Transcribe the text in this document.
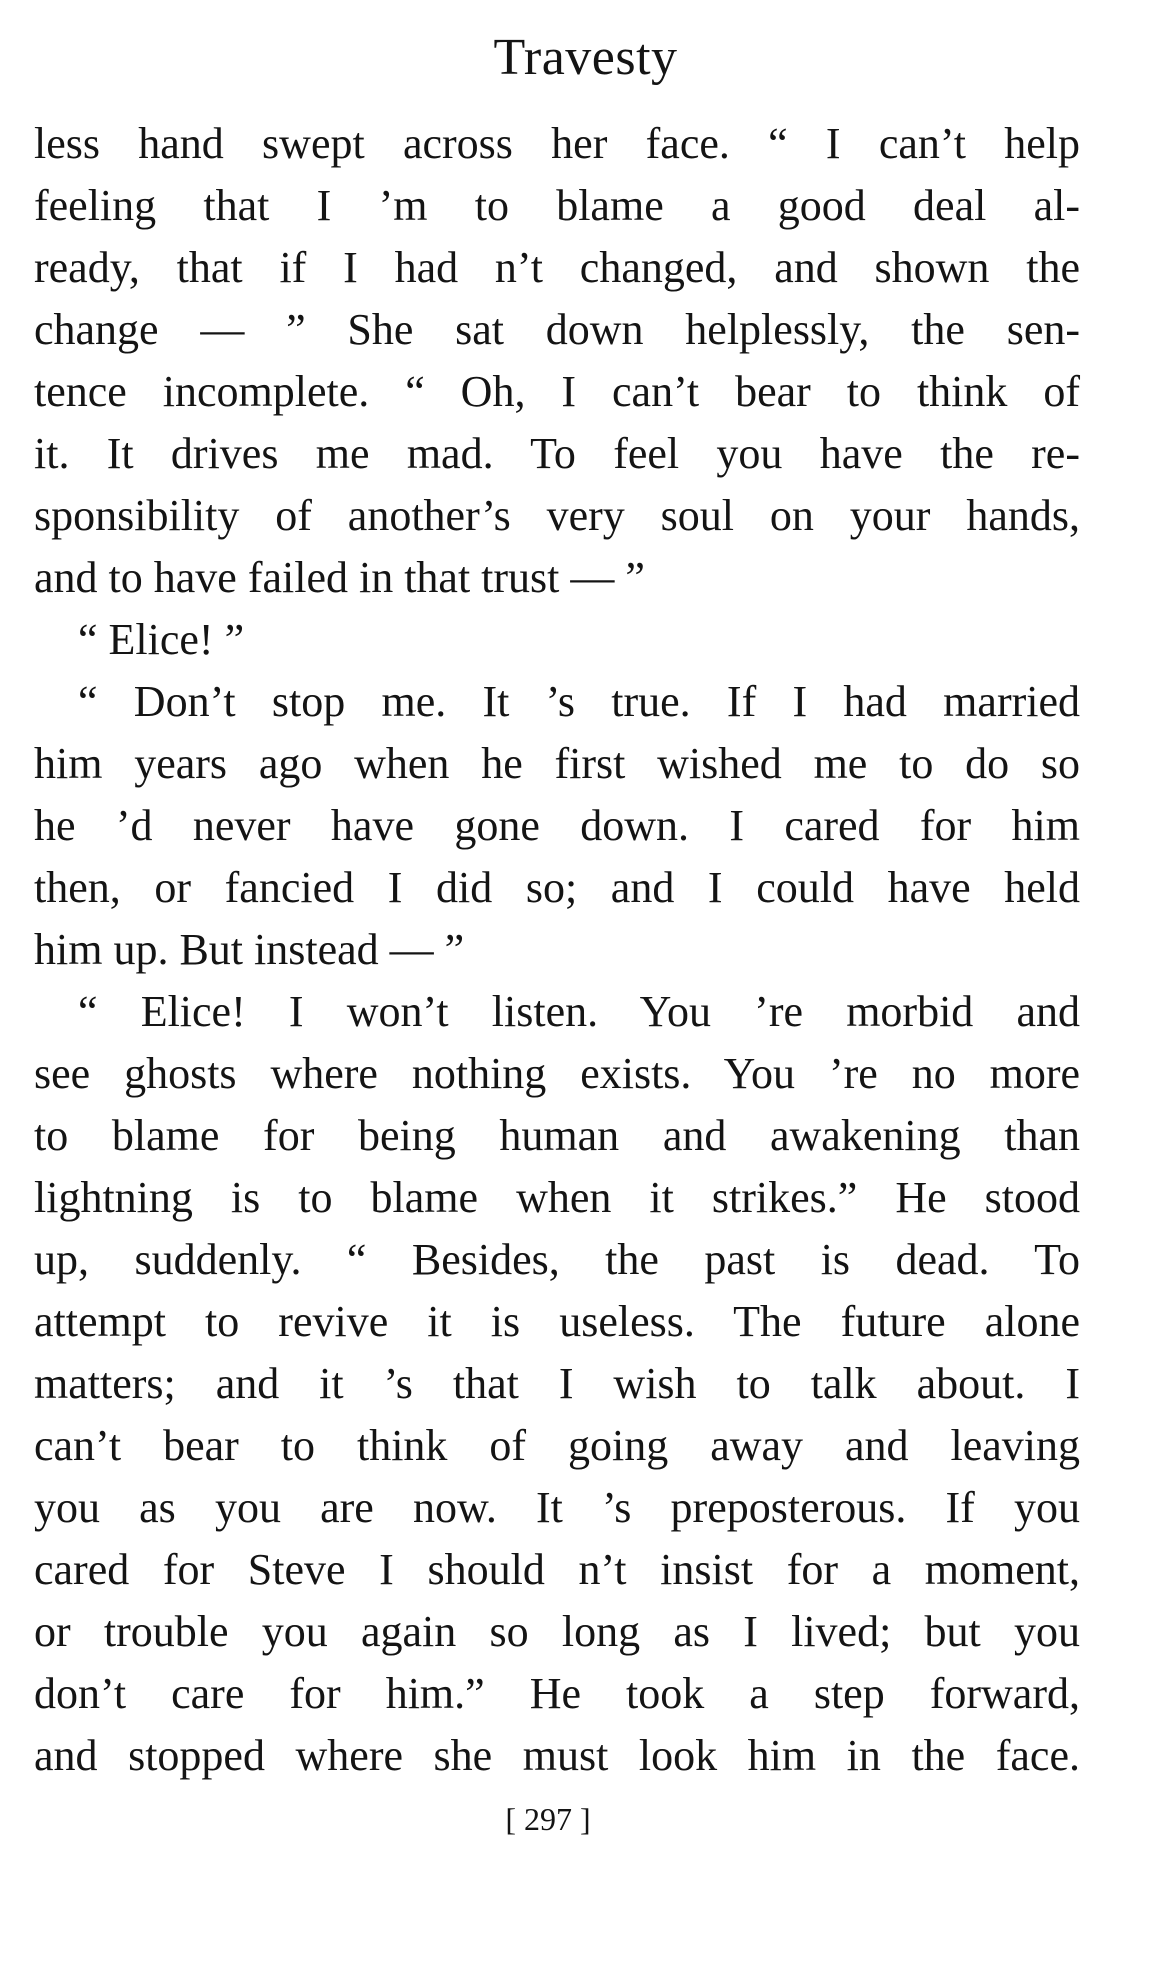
Travesty
less hand swept across her face. “ I can’t help
feeling that I ’m to blame a good deal al-
ready, that if I had n’t changed, and shown the
change — ” She sat down helplessly, the sen-
tence incomplete. “ Oh, I can’t bear to think of
it. It drives me mad. To feel you have the re-
sponsibility of another’s very soul on your hands,
and to have failed in that trust — ”
“ Elice! ”
“ Don’t stop me. It ’s true. If I had married
him years ago when he first wished me to do so
he ’d never have gone down. I cared for him
then, or fancied I did so; and I could have held
him up. But instead — ”
“ Elice! I won’t listen. You ’re morbid and
see ghosts where nothing exists. You ’re no more
to blame for being human and awakening than
lightning is to blame when it strikes.” He stood
up, suddenly. “ Besides, the past is dead. To
attempt to revive it is useless. The future alone
matters; and it ’s that I wish to talk about. I
can’t bear to think of going away and leaving
you as you are now. It ’s preposterous. If you
cared for Steve I should n’t insist for a moment,
or trouble you again so long as I lived; but you
don’t care for him.” He took a step forward,
and stopped where she must look him in the face.
[ 297 ]
